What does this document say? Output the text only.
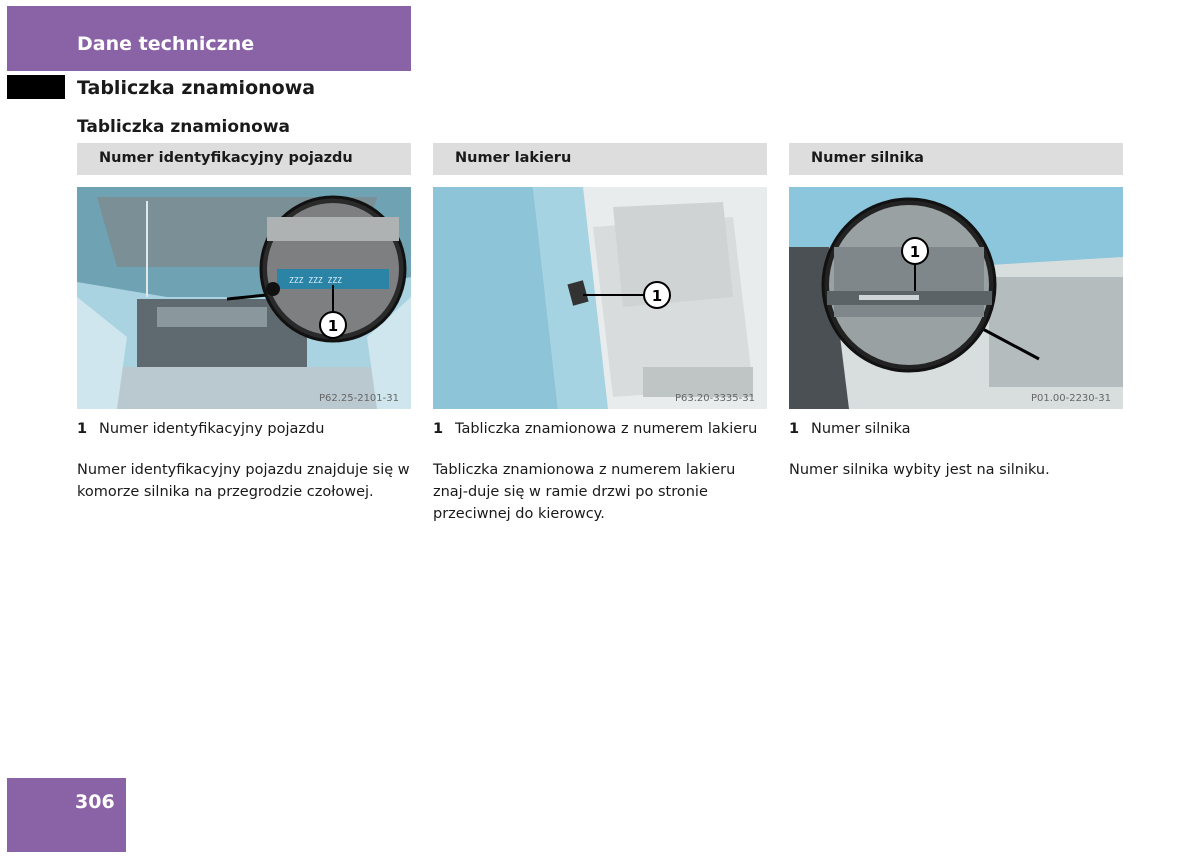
Dane techniczne
Tabliczka znamionowa
Tabliczka znamionowa
Numer identyfikacyjny pojazdu
ZZZ ZZZ ZZZ
1
P62.25-2101-31
1 Numer identyfikacyjny pojazdu
Numer identyfikacyjny pojazdu znajduje się w komorze silnika na przegrodzie czołowej.
Numer lakieru
1
P63.20-3335-31
1 Tabliczka znamionowa z numerem lakieru
Tabliczka znamionowa z numerem lakieru znaj-duje się w ramie drzwi po stronie przeciwnej do kierowcy.
Numer silnika
1
P01.00-2230-31
1 Numer silnika
Numer silnika wybity jest na silniku.
306
